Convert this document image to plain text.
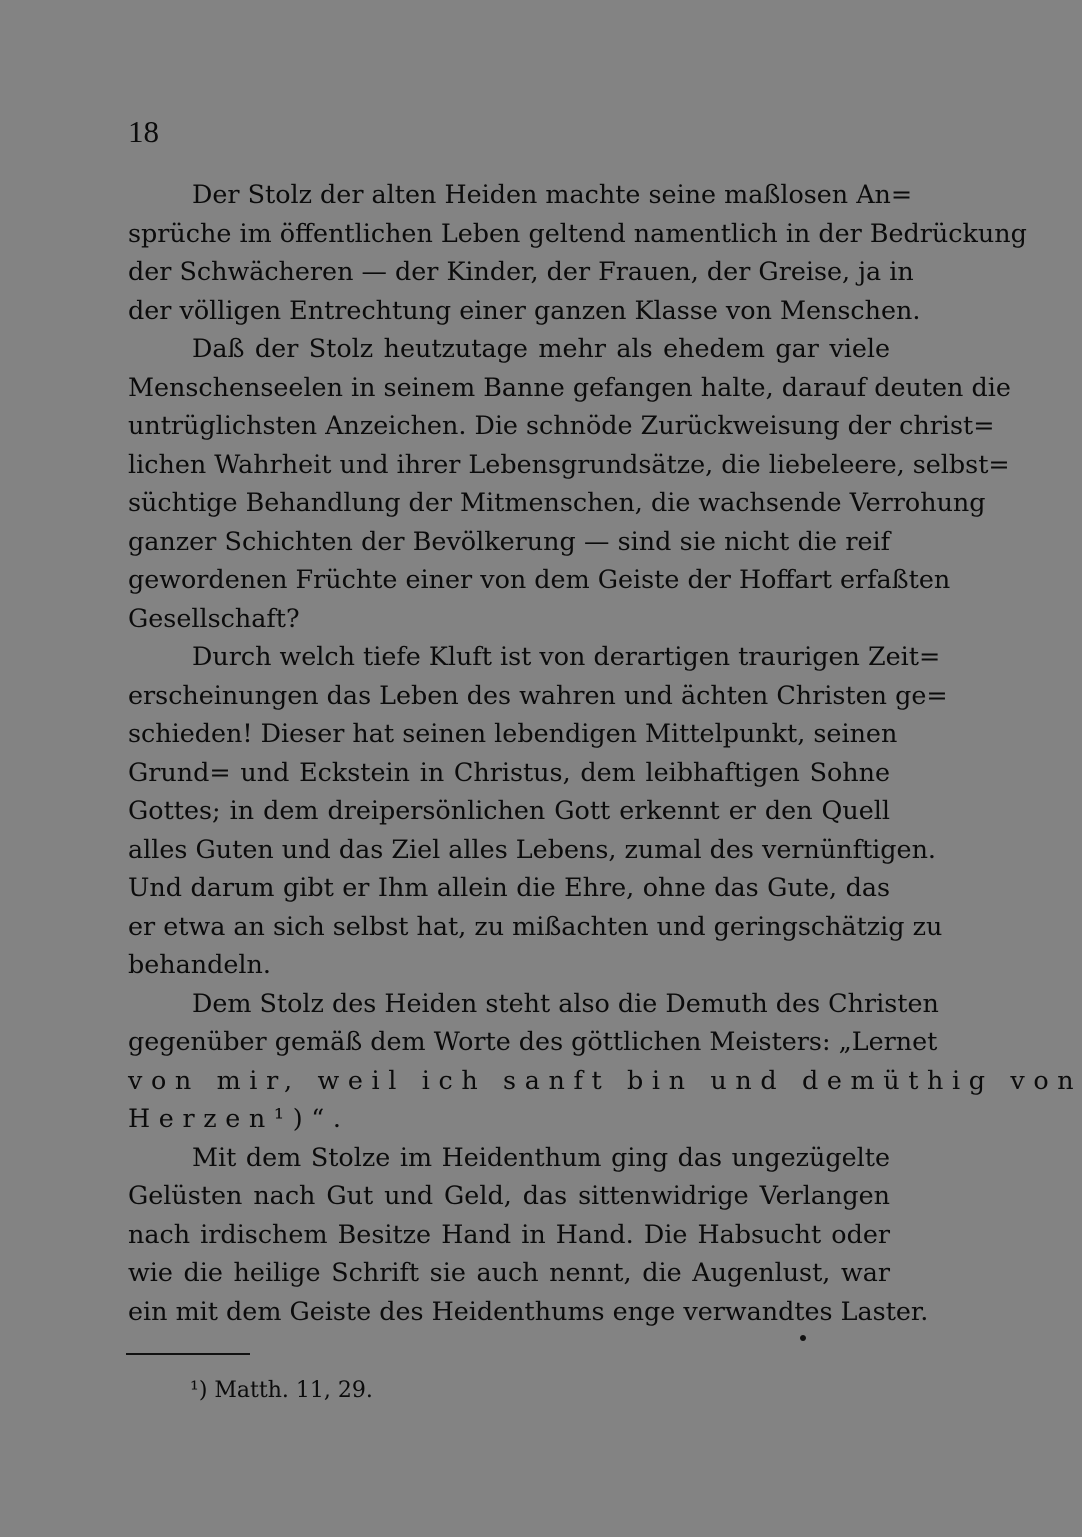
18

Der Stolz der alten Heiden machte seine maßlosen An=
sprüche im öffentlichen Leben geltend namentlich in der Bedrückung
der Schwächeren — der Kinder, der Frauen, der Greise, ja in
der völligen Entrechtung einer ganzen Klasse von Menschen.

Daß der Stolz heutzutage mehr als ehedem gar viele
Menschenseelen in seinem Banne gefangen halte, darauf deuten die
untrüglichsten Anzeichen. Die schnöde Zurückweisung der christ=
lichen Wahrheit und ihrer Lebensgrundsätze, die liebeleere, selbst=
süchtige Behandlung der Mitmenschen, die wachsende Verrohung
ganzer Schichten der Bevölkerung — sind sie nicht die reif
gewordenen Früchte einer von dem Geiste der Hoffart erfaßten
Gesellschaft?

Durch welch tiefe Kluft ist von derartigen traurigen Zeit=
erscheinungen das Leben des wahren und ächten Christen ge=
schieden! Dieser hat seinen lebendigen Mittelpunkt, seinen
Grund= und Eckstein in Christus, dem leibhaftigen Sohne
Gottes; in dem dreipersönlichen Gott erkennt er den Quell
alles Guten und das Ziel alles Lebens, zumal des vernünftigen.
Und darum gibt er Ihm allein die Ehre, ohne das Gute, das
er etwa an sich selbst hat, zu mißachten und geringschätzig zu
behandeln.

Dem Stolz des Heiden steht also die Demuth des Christen
gegenüber gemäß dem Worte des göttlichen Meisters: „Lernet
von mir, weil ich sanft bin und demüthig von
Herzen¹)“.

Mit dem Stolze im Heidenthum ging das ungezügelte
Gelüsten nach Gut und Geld, das sittenwidrige Verlangen
nach irdischem Besitze Hand in Hand. Die Habsucht oder
wie die heilige Schrift sie auch nennt, die Augenlust, war
ein mit dem Geiste des Heidenthums enge verwandtes Laster.

¹) Matth. 11, 29.
